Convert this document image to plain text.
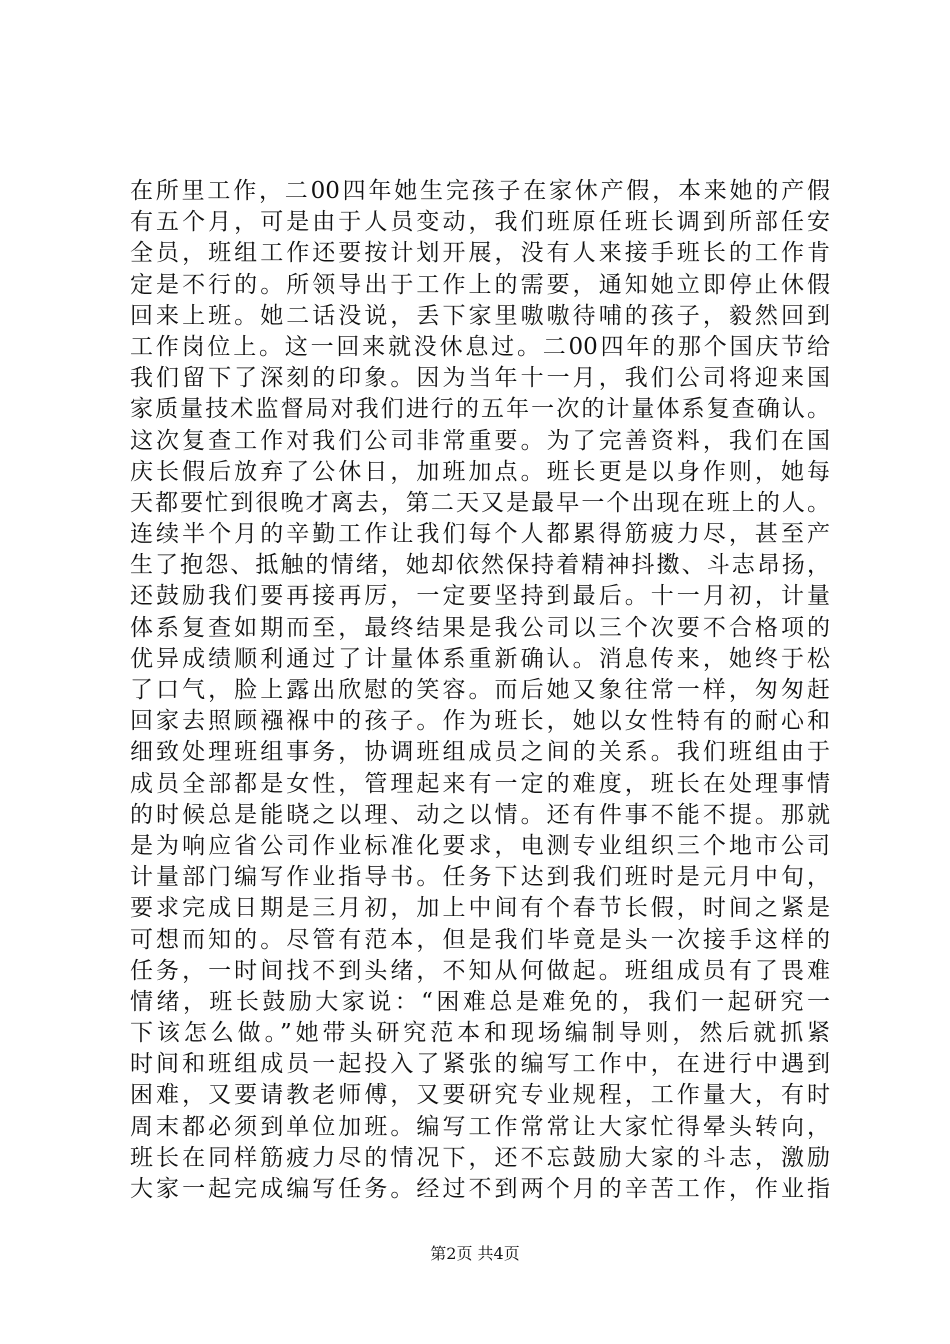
在所里工作，二00四年她生完孩子在家休产假，本来她的产假
有五个月，可是由于人员变动，我们班原任班长调到所部任安
全员，班组工作还要按计划开展，没有人来接手班长的工作肯
定是不行的。所领导出于工作上的需要，通知她立即停止休假
回来上班。她二话没说，丢下家里嗷嗷待哺的孩子，毅然回到
工作岗位上。这一回来就没休息过。二00四年的那个国庆节给
我们留下了深刻的印象。因为当年十一月，我们公司将迎来国
家质量技术监督局对我们进行的五年一次的计量体系复查确认。
这次复查工作对我们公司非常重要。为了完善资料，我们在国
庆长假后放弃了公休日，加班加点。班长更是以身作则，她每
天都要忙到很晚才离去，第二天又是最早一个出现在班上的人。
连续半个月的辛勤工作让我们每个人都累得筋疲力尽，甚至产
生了抱怨、抵触的情绪，她却依然保持着精神抖擞、斗志昂扬，
还鼓励我们要再接再厉，一定要坚持到最后。十一月初，计量
体系复查如期而至，最终结果是我公司以三个次要不合格项的
优异成绩顺利通过了计量体系重新确认。消息传来，她终于松
了口气，脸上露出欣慰的笑容。而后她又象往常一样，匆匆赶
回家去照顾襁褓中的孩子。作为班长，她以女性特有的耐心和
细致处理班组事务，协调班组成员之间的关系。我们班组由于
成员全部都是女性，管理起来有一定的难度，班长在处理事情
的时候总是能晓之以理、动之以情。还有件事不能不提。那就
是为响应省公司作业标准化要求，电测专业组织三个地市公司
计量部门编写作业指导书。任务下达到我们班时是元月中旬，
要求完成日期是三月初，加上中间有个春节长假，时间之紧是
可想而知的。尽管有范本，但是我们毕竟是头一次接手这样的
任务，一时间找不到头绪，不知从何做起。班组成员有了畏难
情绪，班长鼓励大家说：“困难总是难免的，我们一起研究一
下该怎么做。”她带头研究范本和现场编制导则，然后就抓紧
时间和班组成员一起投入了紧张的编写工作中，在进行中遇到
困难，又要请教老师傅，又要研究专业规程，工作量大，有时
周末都必须到单位加班。编写工作常常让大家忙得晕头转向，
班长在同样筋疲力尽的情况下，还不忘鼓励大家的斗志，激励
大家一起完成编写任务。经过不到两个月的辛苦工作，作业指
第2页 共4页
